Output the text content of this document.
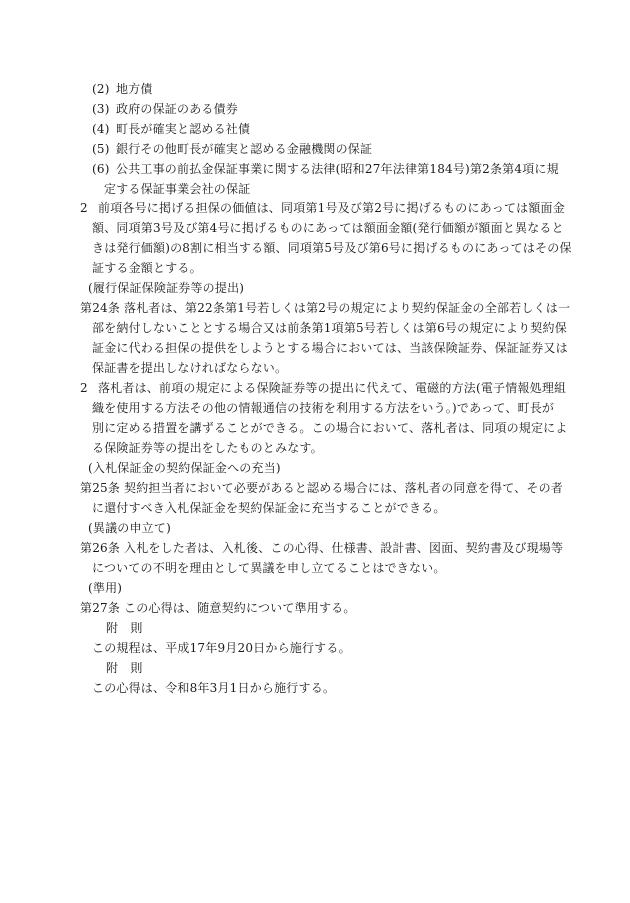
(2) 地方債
(3) 政府の保証のある債券
(4) 町長が確実と認める社債
(5) 銀行その他町長が確実と認める金融機関の保証
(6) 公共工事の前払金保証事業に関する法律(昭和27年法律第184号)第2条第4項に規
定する保証事業会社の保証
2 前項各号に掲げる担保の価値は、同項第1号及び第2号に掲げるものにあっては額面金
額、同項第3号及び第4号に掲げるものにあっては額面金額(発行価額が額面と異なると
きは発行価額)の8割に相当する額、同項第5号及び第6号に掲げるものにあってはその保
証する金額とする。
(履行保証保険証券等の提出)
第24条 落札者は、第22条第1号若しくは第2号の規定により契約保証金の全部若しくは一
部を納付しないこととする場合又は前条第1項第5号若しくは第6号の規定により契約保
証金に代わる担保の提供をしようとする場合においては、当該保険証券、保証証券又は
保証書を提出しなければならない。
2 落札者は、前項の規定による保険証券等の提出に代えて、電磁的方法(電子情報処理組
織を使用する方法その他の情報通信の技術を利用する方法をいう。)であって、町長が
別に定める措置を講ずることができる。この場合において、落札者は、同項の規定によ
る保険証券等の提出をしたものとみなす。
(入札保証金の契約保証金への充当)
第25条 契約担当者において必要があると認める場合には、落札者の同意を得て、その者
に還付すべき入札保証金を契約保証金に充当することができる。
(異議の申立て)
第26条 入札をした者は、入札後、この心得、仕様書、設計書、図面、契約書及び現場等
についての不明を理由として異議を申し立てることはできない。
(準用)
第27条 この心得は、随意契約について準用する。
附　則
この規程は、平成17年9月20日から施行する。
附　則
この心得は、令和8年3月1日から施行する。
